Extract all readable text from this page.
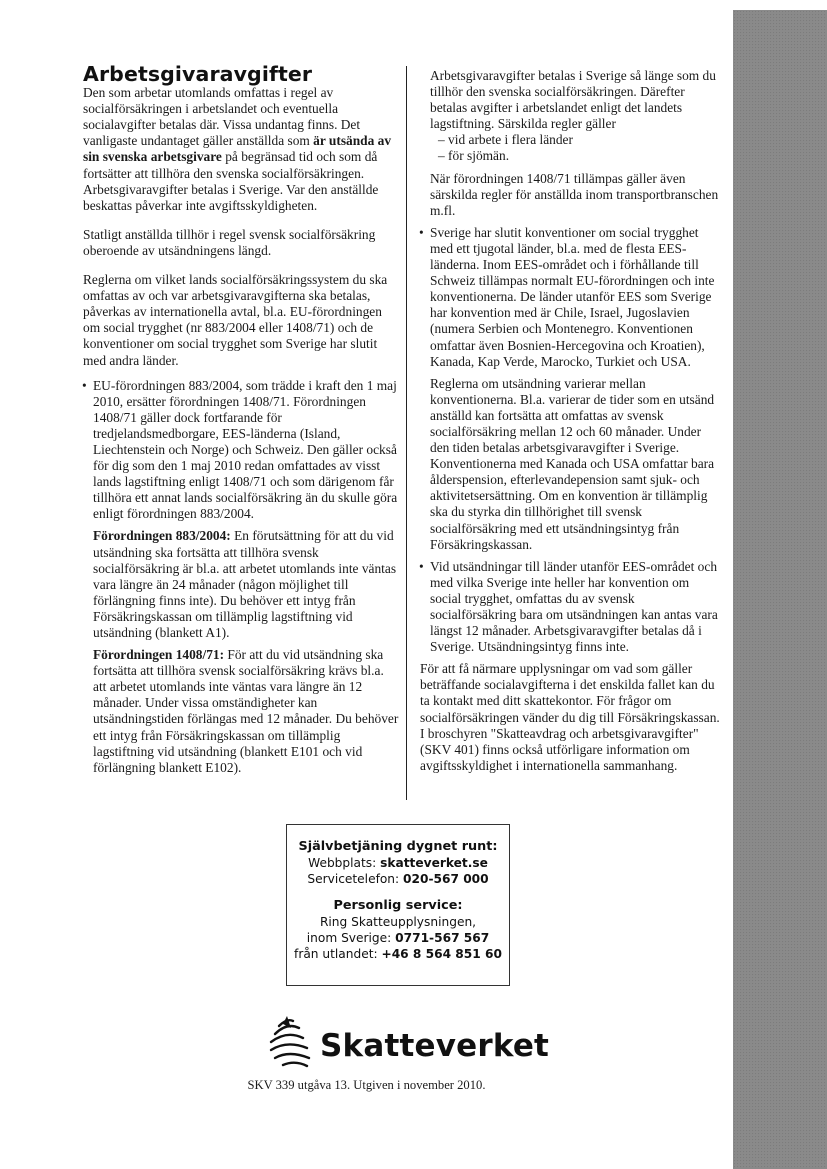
Arbetsgivaravgifter

Den som arbetar utomlands omfattas i regel av socialförsäkringen i arbetslandet och eventuella socialavgifter betalas där. Vissa undantag finns. Det vanligaste undantaget gäller anställda som är utsända av sin svenska arbetsgivare på begränsad tid och som då fortsätter att tillhöra den svenska socialförsäkringen. Arbetsgivaravgifter betalas i Sverige. Var den anställde beskattas påverkar inte avgiftsskyldigheten.

Statligt anställda tillhör i regel svensk socialförsäkring oberoende av utsändningens längd.

Reglerna om vilket lands socialförsäkringssystem du ska omfattas av och var arbetsgivaravgifterna ska betalas, påverkas av internationella avtal, bl.a. EU-förordningen om social trygghet (nr 883/2004 eller 1408/71) och de konventioner om social trygghet som Sverige har slutit med andra länder.

• EU-förordningen 883/2004, som trädde i kraft den 1 maj 2010, ersätter förordningen 1408/71. Förordningen 1408/71 gäller dock fortfarande för tredjelandsmedborgare, EES-länderna (Island, Liechtenstein och Norge) och Schweiz. Den gäller också för dig som den 1 maj 2010 redan omfattades av visst lands lagstiftning enligt 1408/71 och som därigenom får tillhöra ett annat lands socialförsäkring än du skulle göra enligt förordningen 883/2004.

Förordningen 883/2004: En förutsättning för att du vid utsändning ska fortsätta att tillhöra svensk socialförsäkring är bl.a. att arbetet utomlands inte väntas vara längre än 24 månader (någon möjlighet till förlängning finns inte). Du behöver ett intyg från Försäkringskassan om tillämplig lagstiftning vid utsändning (blankett A1).

Förordningen 1408/71: För att du vid utsändning ska fortsätta att tillhöra svensk socialförsäkring krävs bl.a. att arbetet utomlands inte väntas vara längre än 12 månader. Under vissa omständigheter kan utsändningstiden förlängas med 12 månader. Du behöver ett intyg från Försäkringskassan om tillämplig lagstiftning vid utsändning (blankett E101 och vid förlängning blankett E102).

Arbetsgivaravgifter betalas i Sverige så länge som du tillhör den svenska socialförsäkringen. Därefter betalas avgifter i arbetslandet enligt det landets lagstiftning. Särskilda regler gäller

– vid arbete i flera länder
– för sjömän.

När förordningen 1408/71 tillämpas gäller även särskilda regler för anställda inom transportbranschen m.fl.

• Sverige har slutit konventioner om social trygghet med ett tjugotal länder, bl.a. med de flesta EES-länderna. Inom EES-området och i förhållande till Schweiz tillämpas normalt EU-förordningen och inte konventionerna. De länder utanför EES som Sverige har konvention med är Chile, Israel, Jugoslavien (numera Serbien och Montenegro. Konventionen omfattar även Bosnien-Hercegovina och Kroatien), Kanada, Kap Verde, Marocko, Turkiet och USA.

Reglerna om utsändning varierar mellan konventionerna. Bl.a. varierar de tider som en utsänd anställd kan fortsätta att omfattas av svensk socialförsäkring mellan 12 och 60 månader. Under den tiden betalas arbetsgivaravgifter i Sverige. Konventionerna med Kanada och USA omfattar bara ålderspension, efterlevandepension samt sjuk- och aktivitetsersättning. Om en konvention är tillämplig ska du styrka din tillhörighet till svensk socialförsäkring med ett utsändningsintyg från Försäkringskassan.

• Vid utsändningar till länder utanför EES-området och med vilka Sverige inte heller har konvention om social trygghet, omfattas du av svensk socialförsäkring bara om utsändningen kan antas vara längst 12 månader. Arbetsgivaravgifter betalas då i Sverige. Utsändningsintyg finns inte.

För att få närmare upplysningar om vad som gäller beträffande socialavgifterna i det enskilda fallet kan du ta kontakt med ditt skattekontor. För frågor om socialförsäkringen vänder du dig till Försäkringskassan. I broschyren "Skatteavdrag och arbetsgivaravgifter" (SKV 401) finns också utförligare information om avgiftsskyldighet i internationella sammanhang.

Självbetjäning dygnet runt:
Webbplats: skatteverket.se
Servicetelefon: 020-567 000
Personlig service:
Ring Skatteupplysningen,
inom Sverige: 0771-567 567
från utlandet: +46 8 564 851 60
Skatteverket
SKV 339 utgåva 13. Utgiven i november 2010.
